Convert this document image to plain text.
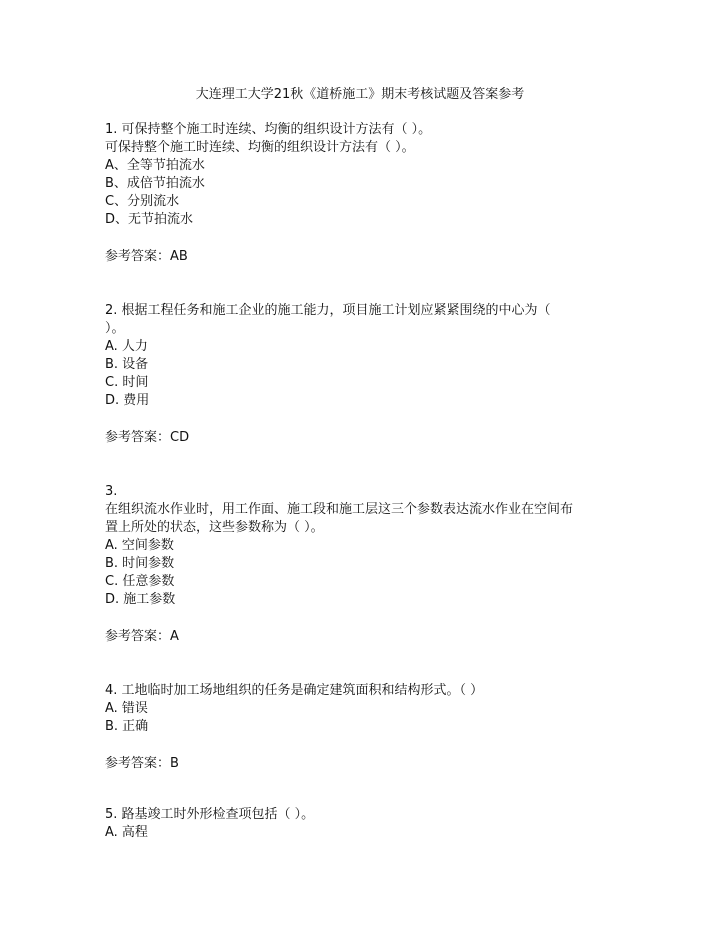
大连理工大学21秋《道桥施工》期末考核试题及答案参考
1. 可保持整个施工时连续、均衡的组织设计方法有（ ）。
可保持整个施工时连续、均衡的组织设计方法有（ ）。
A、全等节拍流水
B、成倍节拍流水
C、分别流水
D、无节拍流水
参考答案：AB
2. 根据工程任务和施工企业的施工能力，项目施工计划应紧紧围绕的中心为（
）。
A. 人力
B. 设备
C. 时间
D. 费用
参考答案：CD
3.
在组织流水作业时，用工作面、施工段和施工层这三个参数表达流水作业在空间布
置上所处的状态，这些参数称为（ ）。
A. 空间参数
B. 时间参数
C. 任意参数
D. 施工参数
参考答案：A
4. 工地临时加工场地组织的任务是确定建筑面积和结构形式。（ ）
A. 错误
B. 正确
参考答案：B
5. 路基竣工时外形检查项包括（ ）。
A. 高程
